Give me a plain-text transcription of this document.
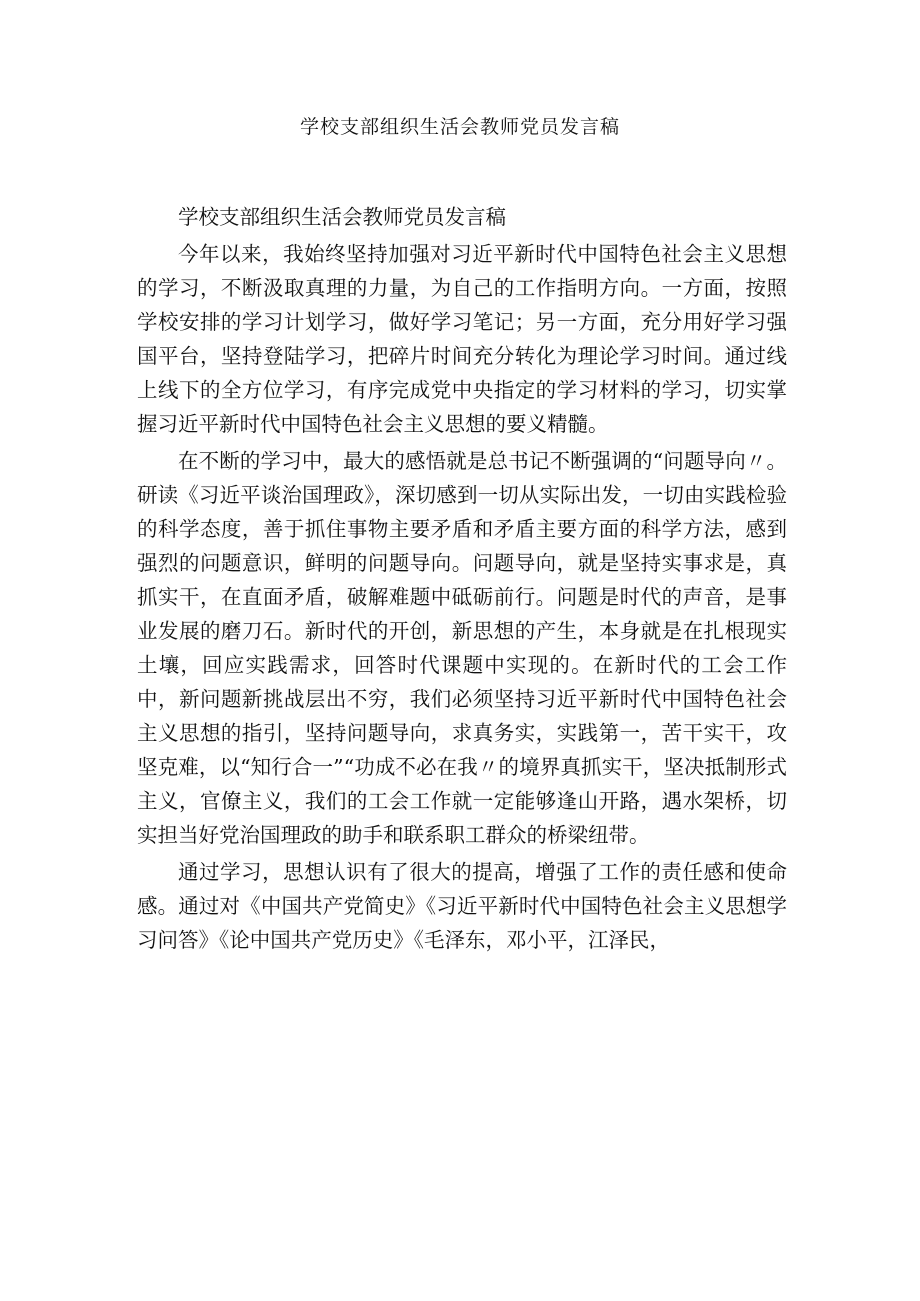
学校支部组织生活会教师党员发言稿

学校支部组织生活会教师党员发言稿

今年以来，我始终坚持加强对习近平新时代中国特色社会主义思想的学习，不断汲取真理的力量，为自己的工作指明方向。一方面，按照学校安排的学习计划学习，做好学习笔记；另一方面，充分用好学习强国平台，坚持登陆学习，把碎片时间充分转化为理论学习时间。通过线上线下的全方位学习，有序完成党中央指定的学习材料的学习，切实掌握习近平新时代中国特色社会主义思想的要义精髓。

在不断的学习中，最大的感悟就是总书记不断强调的“问题导向〃。研读《习近平谈治国理政》，深切感到一切从实际出发，一切由实践检验的科学态度，善于抓住事物主要矛盾和矛盾主要方面的科学方法，感到强烈的问题意识，鲜明的问题导向。问题导向，就是坚持实事求是，真抓实干，在直面矛盾，破解难题中砥砺前行。问题是时代的声音，是事业发展的磨刀石。新时代的开创，新思想的产生，本身就是在扎根现实土壤，回应实践需求，回答时代课题中实现的。在新时代的工会工作中，新问题新挑战层出不穷，我们必须坚持习近平新时代中国特色社会主义思想的指引，坚持问题导向，求真务实，实践第一，苦干实干，攻坚克难，以“知行合一”“功成不必在我〃的境界真抓实干，坚决抵制形式主义，官僚主义，我们的工会工作就一定能够逢山开路，遇水架桥，切实担当好党治国理政的助手和联系职工群众的桥梁纽带。

通过学习，思想认识有了很大的提高，增强了工作的责任感和使命感。通过对《中国共产党简史》《习近平新时代中国特色社会主义思想学习问答》《论中国共产党历史》《毛泽东，邓小平，江泽民，
